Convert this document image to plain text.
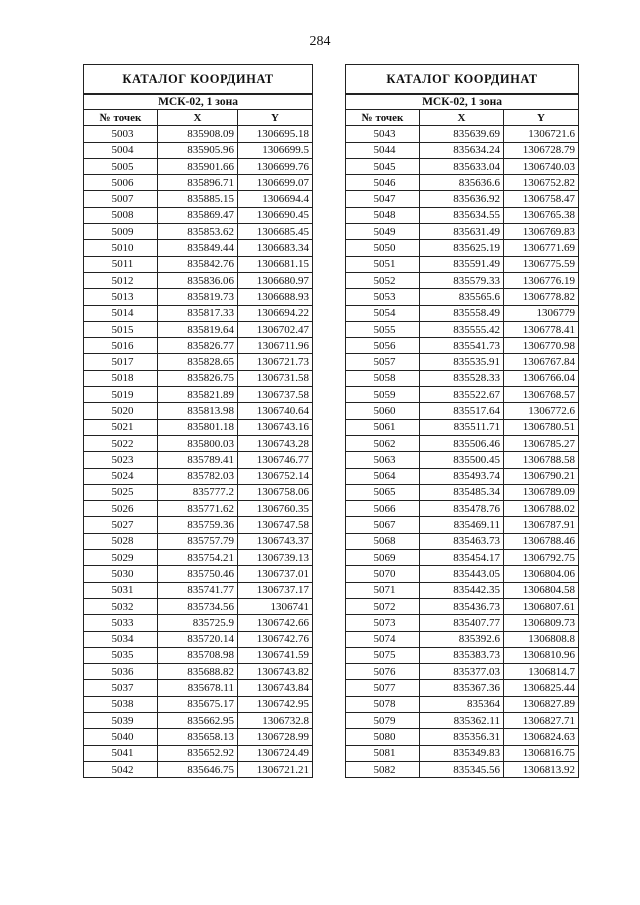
284
КАТАЛОГ КООРДИНАТ		
МСК-02, 1 зона		
№ точек	X	Y
5003	835908.09	1306695.18
5004	835905.96	1306699.5
5005	835901.66	1306699.76
5006	835896.71	1306699.07
5007	835885.15	1306694.4
5008	835869.47	1306690.45
5009	835853.62	1306685.45
5010	835849.44	1306683.34
5011	835842.76	1306681.15
5012	835836.06	1306680.97
5013	835819.73	1306688.93
5014	835817.33	1306694.22
5015	835819.64	1306702.47
5016	835826.77	1306711.96
5017	835828.65	1306721.73
5018	835826.75	1306731.58
5019	835821.89	1306737.58
5020	835813.98	1306740.64
5021	835801.18	1306743.16
5022	835800.03	1306743.28
5023	835789.41	1306746.77
5024	835782.03	1306752.14
5025	835777.2	1306758.06
5026	835771.62	1306760.35
5027	835759.36	1306747.58
5028	835757.79	1306743.37
5029	835754.21	1306739.13
5030	835750.46	1306737.01
5031	835741.77	1306737.17
5032	835734.56	1306741
5033	835725.9	1306742.66
5034	835720.14	1306742.76
5035	835708.98	1306741.59
5036	835688.82	1306743.82
5037	835678.11	1306743.84
5038	835675.17	1306742.95
5039	835662.95	1306732.8
5040	835658.13	1306728.99
5041	835652.92	1306724.49
5042	835646.75	1306721.21
КАТАЛОГ КООРДИНАТ		
МСК-02, 1 зона		
№ точек	X	Y
5043	835639.69	1306721.6
5044	835634.24	1306728.79
5045	835633.04	1306740.03
5046	835636.6	1306752.82
5047	835636.92	1306758.47
5048	835634.55	1306765.38
5049	835631.49	1306769.83
5050	835625.19	1306771.69
5051	835591.49	1306775.59
5052	835579.33	1306776.19
5053	835565.6	1306778.82
5054	835558.49	1306779
5055	835555.42	1306778.41
5056	835541.73	1306770.98
5057	835535.91	1306767.84
5058	835528.33	1306766.04
5059	835522.67	1306768.57
5060	835517.64	1306772.6
5061	835511.71	1306780.51
5062	835506.46	1306785.27
5063	835500.45	1306788.58
5064	835493.74	1306790.21
5065	835485.34	1306789.09
5066	835478.76	1306788.02
5067	835469.11	1306787.91
5068	835463.73	1306788.46
5069	835454.17	1306792.75
5070	835443.05	1306804.06
5071	835442.35	1306804.58
5072	835436.73	1306807.61
5073	835407.77	1306809.73
5074	835392.6	1306808.8
5075	835383.73	1306810.96
5076	835377.03	1306814.7
5077	835367.36	1306825.44
5078	835364	1306827.89
5079	835362.11	1306827.71
5080	835356.31	1306824.63
5081	835349.83	1306816.75
5082	835345.56	1306813.92
